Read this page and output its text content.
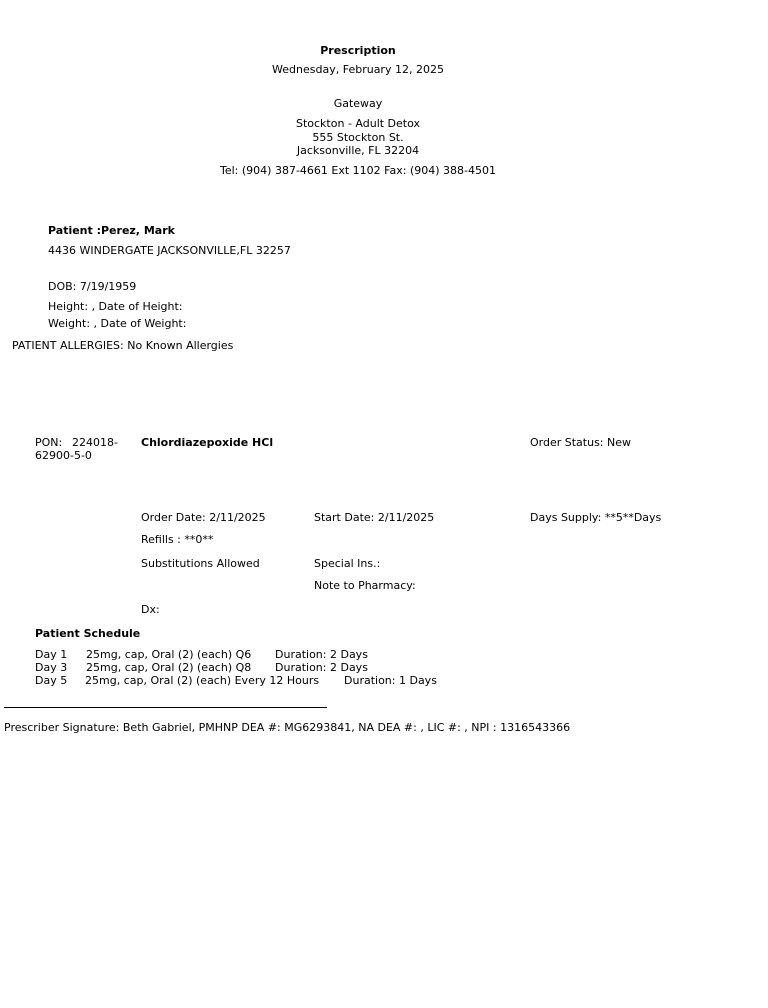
Prescription
Wednesday, February 12, 2025
Gateway
Stockton - Adult Detox
555 Stockton St.
Jacksonville, FL 32204
Tel: (904) 387-4661 Ext 1102 Fax: (904) 388-4501
Patient :Perez, Mark
4436 WINDERGATE JACKSONVILLE,FL 32257
DOB: 7/19/1959
Height: , Date of Height:
Weight: , Date of Weight:
PATIENT ALLERGIES: No Known Allergies
PON: 224018-
62900-5-0
Chlordiazepoxide HCl	Order Status: New
Order Date: 2/11/2025	Start Date: 2/11/2025	Days Supply: **5**Days
Refills : **0**
Substitutions Allowed	Special Ins.:
Note to Pharmacy:
Dx:
Patient Schedule
Day 1 25mg, cap, Oral (2) (each) Q6 Duration: 2 Days
Day 3 25mg, cap, Oral (2) (each) Q8 Duration: 2 Days
Day 5 25mg, cap, Oral (2) (each) Every 12 Hours Duration: 1 Days
Prescriber Signature: Beth Gabriel, PMHNP DEA #: MG6293841, NA DEA #: , LIC #: , NPI : 1316543366
